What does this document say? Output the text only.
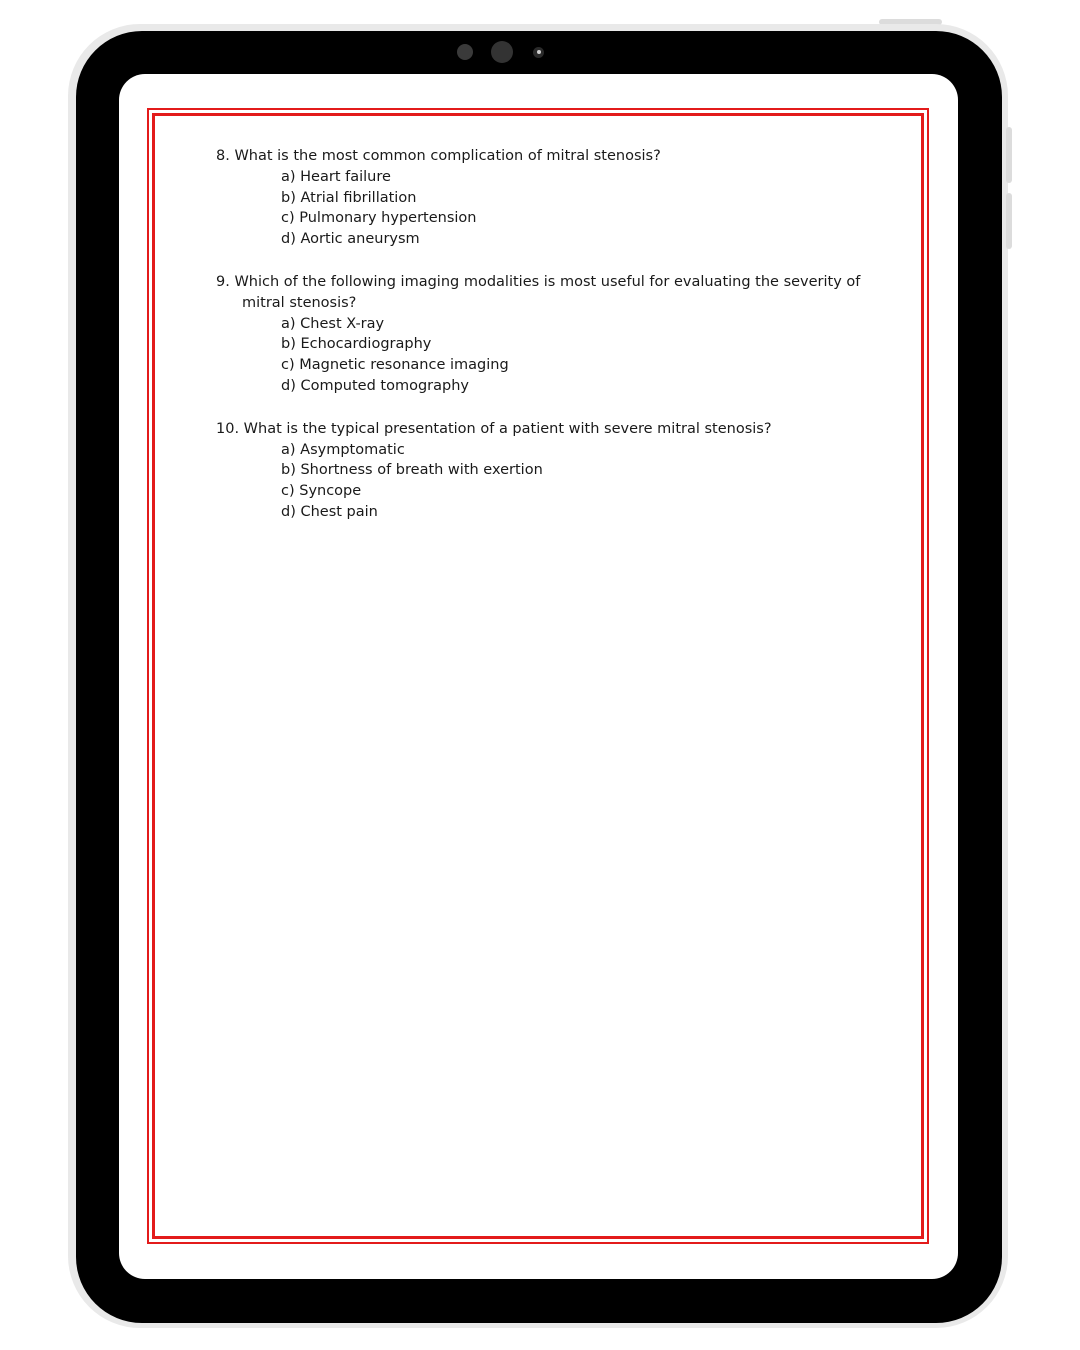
8. What is the most common complication of mitral stenosis?
a) Heart failure
b) Atrial fibrillation
c) Pulmonary hypertension
d) Aortic aneurysm
9. Which of the following imaging modalities is most useful for evaluating the severity of mitral stenosis?
a) Chest X-ray
b) Echocardiography
c) Magnetic resonance imaging
d) Computed tomography
10. What is the typical presentation of a patient with severe mitral stenosis?
a) Asymptomatic
b) Shortness of breath with exertion
c) Syncope
d) Chest pain
